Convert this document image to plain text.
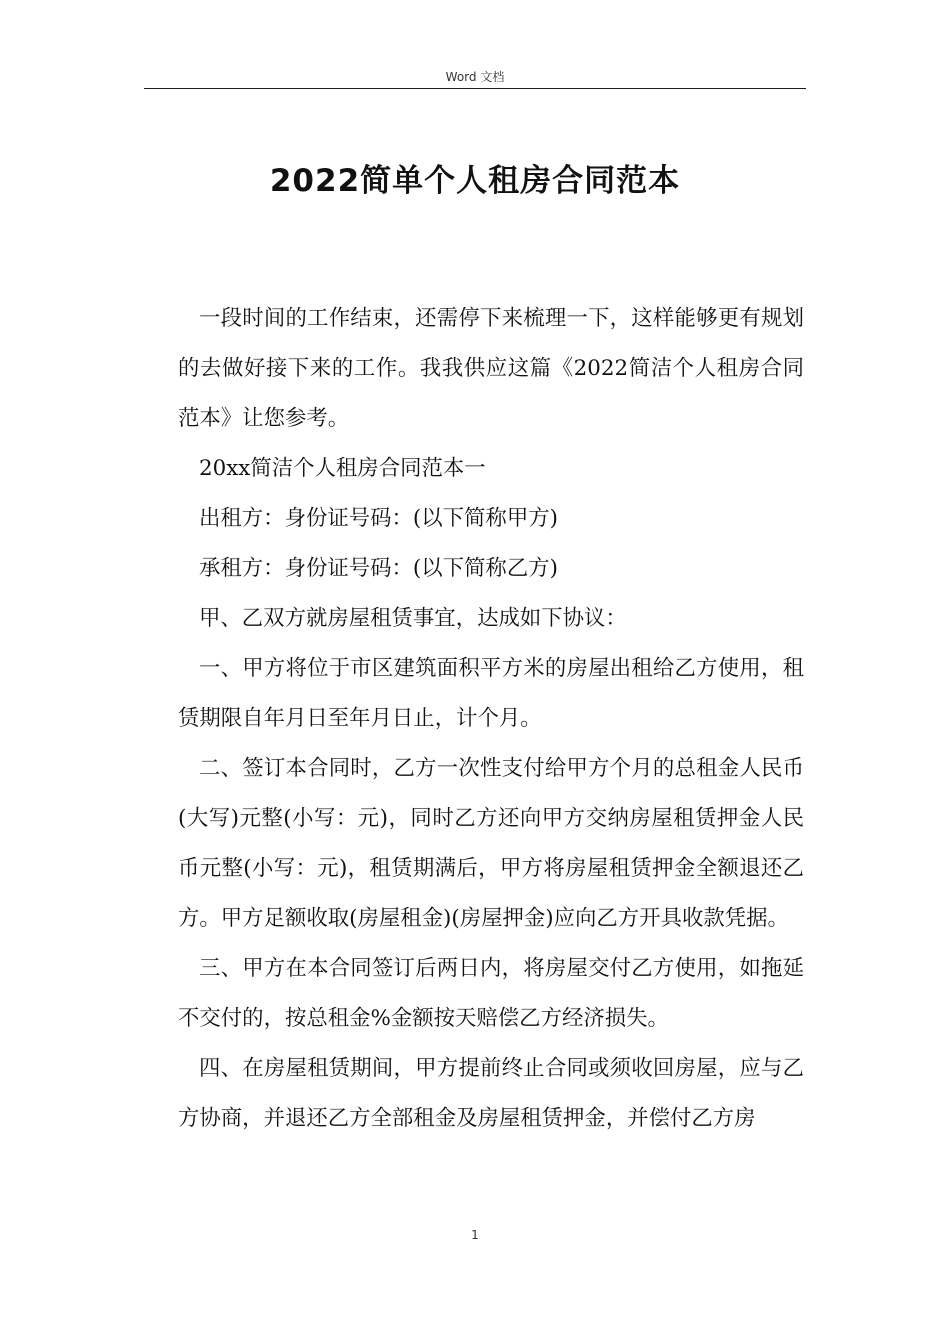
Word 文档
2022简单个人租房合同范本

一段时间的工作结束，还需停下来梳理一下，这样能够更有规划的去做好接下来的工作。我我供应这篇《2022简洁个人租房合同范本》让您参考。

20xx简洁个人租房合同范本一

出租方：身份证号码：(以下简称甲方)

承租方：身份证号码：(以下简称乙方)

甲、乙双方就房屋租赁事宜，达成如下协议：

一、甲方将位于市区建筑面积平方米的房屋出租给乙方使用，租赁期限自年月日至年月日止，计个月。

二、签订本合同时，乙方一次性支付给甲方个月的总租金人民币(大写)元整(小写：元)，同时乙方还向甲方交纳房屋租赁押金人民币元整(小写：元)，租赁期满后，甲方将房屋租赁押金全额退还乙方。甲方足额收取(房屋租金)(房屋押金)应向乙方开具收款凭据。

三、甲方在本合同签订后两日内，将房屋交付乙方使用，如拖延不交付的，按总租金%金额按天赔偿乙方经济损失。

四、在房屋租赁期间，甲方提前终止合同或须收回房屋，应与乙方协商，并退还乙方全部租金及房屋租赁押金，并偿付乙方房

1
